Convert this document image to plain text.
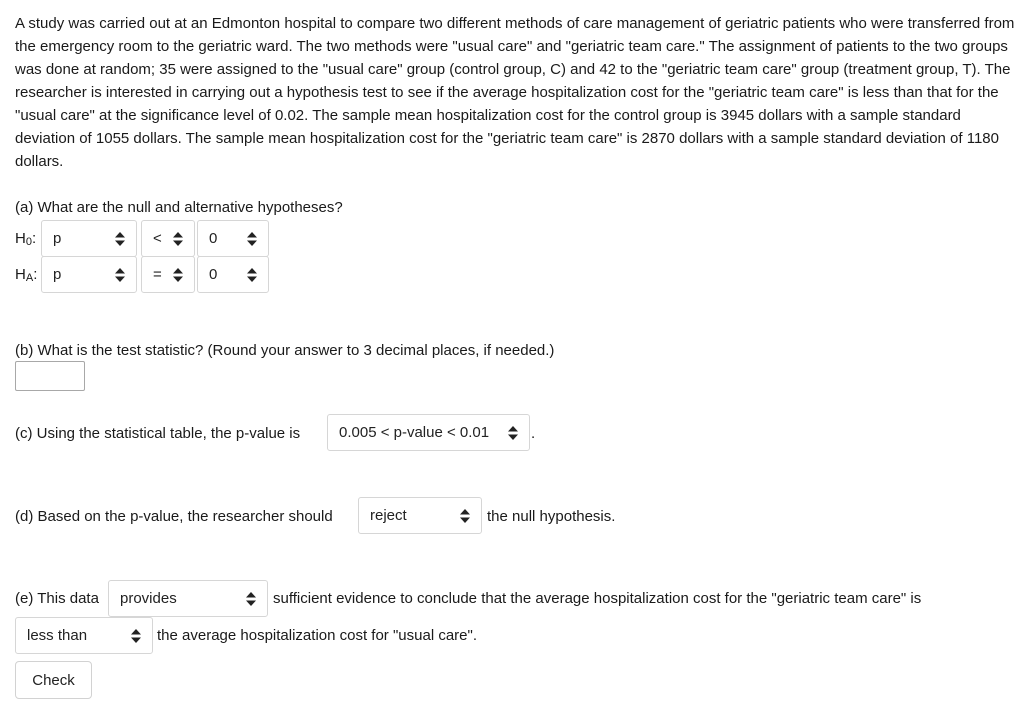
A study was carried out at an Edmonton hospital to compare two different methods of care management of geriatric patients who were transferred from the emergency room to the geriatric ward. The two methods were "usual care" and "geriatric team care." The assignment of patients to the two groups was done at random; 35 were assigned to the "usual care" group (control group, C) and 42 to the "geriatric team care" group (treatment group, T). The researcher is interested in carrying out a hypothesis test to see if the average hospitalization cost for the "geriatric team care" is less than that for the "usual care" at the significance level of 0.02. The sample mean hospitalization cost for the control group is 3945 dollars with a sample standard deviation of 1055 dollars. The sample mean hospitalization cost for the "geriatric team care" is 2870 dollars with a sample standard deviation of 1180 dollars.

(a) What are the null and alternative hypotheses?
$H_0$: p	<	0
$H_A$: p	=	0
(b) What is the test statistic? (Round your answer to 3 decimal places, if needed.)
(c) Using the statistical table, the p-value is	0.005 < p-value < 0.01	.
(d) Based on the p-value, the researcher should reject	the null hypothesis.
(e) This data provides	sufficient evidence to conclude that the average hospitalization cost for the "geriatric team care" is
less than	the average hospitalization cost for "usual care".
Check
